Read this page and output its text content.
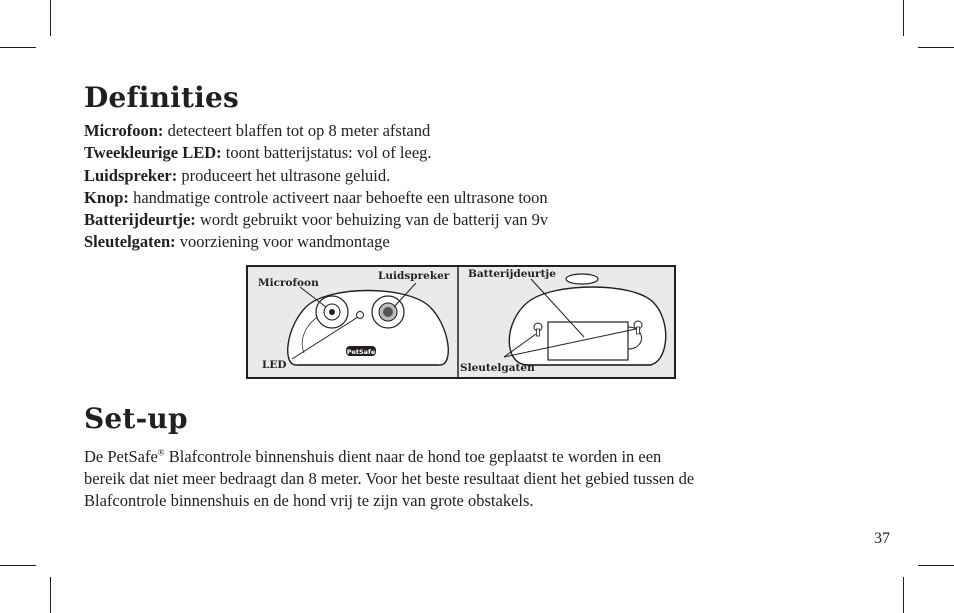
Definities
Microfoon: detecteert blaffen tot op 8 meter afstand
Tweekleurige LED: toont batterijstatus: vol of leeg.
Luidspreker: produceert het ultrasone geluid.
Knop: handmatige controle activeert naar behoefte een ultrasone toon
Batterijdeurtje: wordt gebruikt voor behuizing van de batterij van 9v
Sleutelgaten: voorziening voor wandmontage
PetSafe
Microfoon
Luidspreker
LED
Batterijdeurtje
Sleutelgaten
Set-up
De PetSafe® Blafcontrole binnenshuis dient naar de hond toe geplaatst te worden in een
bereik dat niet meer bedraagt dan 8 meter. Voor het beste resultaat dient het gebied tussen de
Blafcontrole binnenshuis en de hond vrij te zijn van grote obstakels.
37
